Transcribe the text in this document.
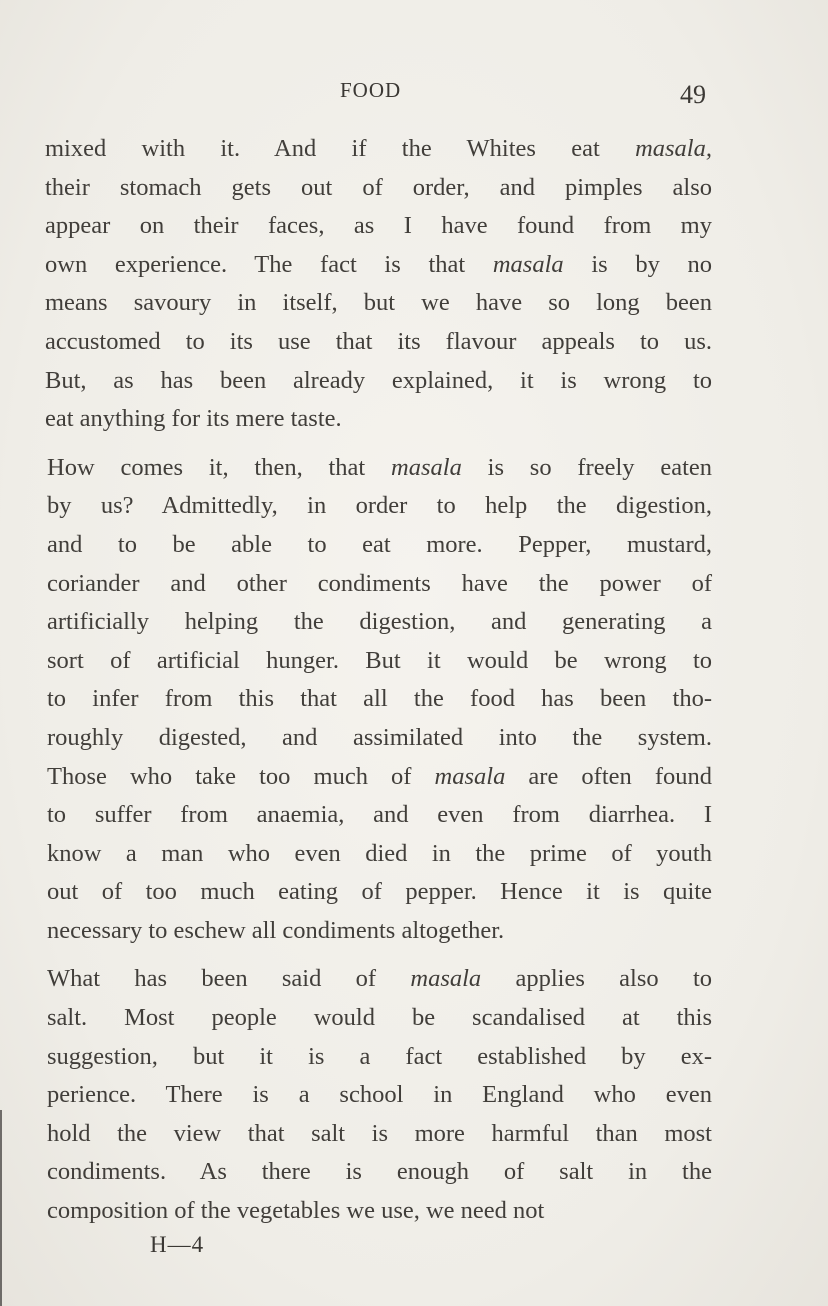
FOOD	49
mixed with it. And if the Whites eat masala,
their stomach gets out of order, and pimples also
appear on their faces, as I have found from my
own experience. The fact is that masala is by no
means savoury in itself, but we have so long been
accustomed to its use that its flavour appeals to us.
But, as has been already explained, it is wrong to
eat anything for its mere taste.
How comes it, then, that masala is so freely eaten
by us? Admittedly, in order to help the digestion,
and to be able to eat more. Pepper, mustard,
coriander and other condiments have the power of
artificially helping the digestion, and generating a
sort of artificial hunger. But it would be wrong to
to infer from this that all the food has been tho-
roughly digested, and assimilated into the system.
Those who take too much of masala are often found
to suffer from anaemia, and even from diarrhea. I
know a man who even died in the prime of youth
out of too much eating of pepper. Hence it is quite
necessary to eschew all condiments altogether.
What has been said of masala applies also to
salt. Most people would be scandalised at this
suggestion, but it is a fact established by ex-
perience. There is a school in England who even
hold the view that salt is more harmful than most
condiments. As there is enough of salt in the
composition of the vegetables we use, we need not
H—4
